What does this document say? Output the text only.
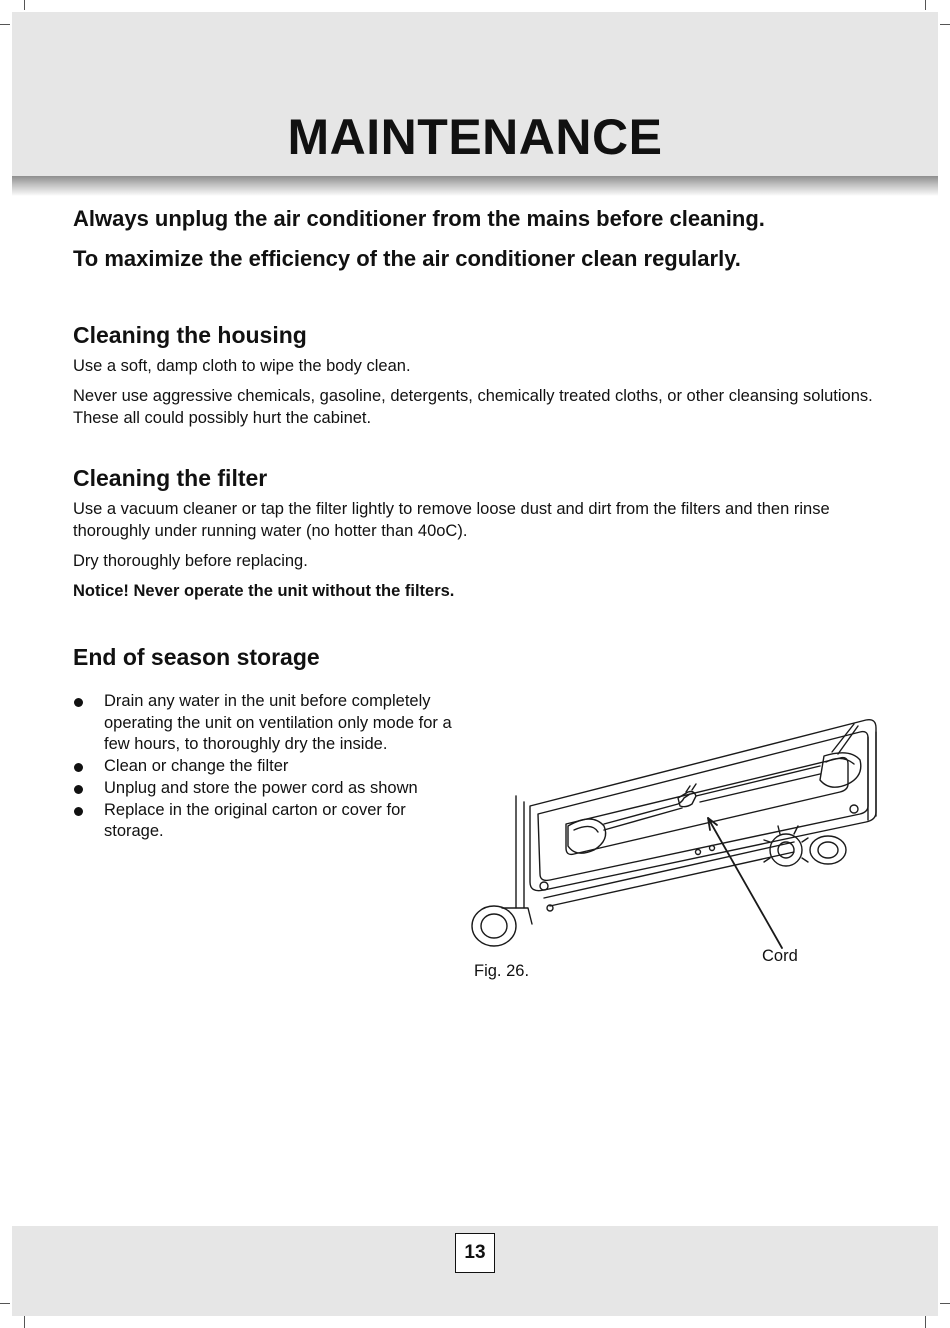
MAINTENANCE

Always unplug the air conditioner from the mains before cleaning.

To maximize the efficiency of the air conditioner clean regularly.

Cleaning the housing

Use a soft, damp cloth to wipe the body clean.

Never use aggressive chemicals, gasoline, detergents, chemically treated cloths, or other cleansing solutions. These all could possibly hurt the cabinet.

Cleaning the filter

Use a vacuum cleaner or tap the filter lightly to remove loose dust and dirt from the filters and then rinse thoroughly under running water (no hotter than 40oC).

Dry thoroughly before replacing.

Notice! Never operate the unit without the filters.

End of season storage
Drain any water in the unit before completely operating the unit on ventilation only mode for a few hours, to thoroughly dry the inside.
Clean or change the filter
Unplug and store the power cord as shown
Replace in the original carton or cover for storage.
Fig. 26.
Cord
13
